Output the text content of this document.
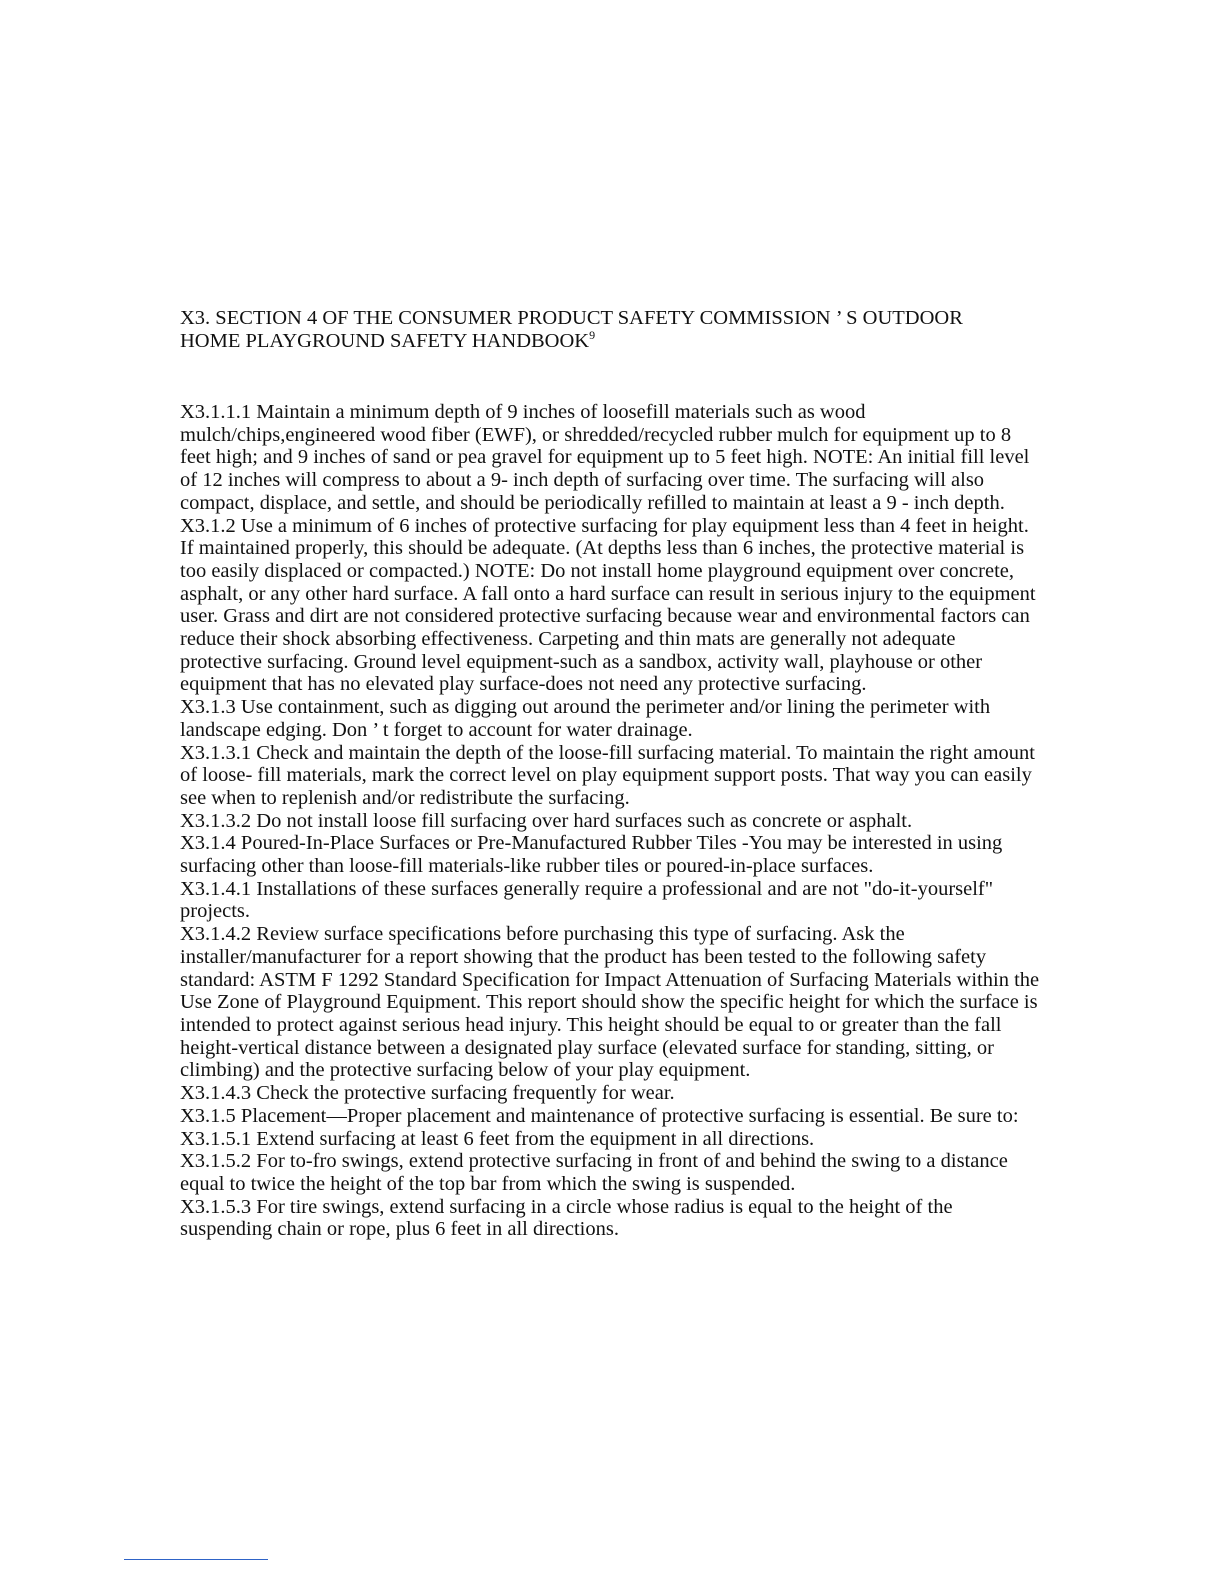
X3. SECTION 4 OF THE CONSUMER PRODUCT SAFETY COMMISSION ’ S OUTDOOR
HOME PLAYGROUND SAFETY HANDBOOK$^9$

X3.1.1.1 Maintain a minimum depth of 9 inches of loosefill materials such as wood mulch/chips,engineered wood fiber (EWF), or shredded/recycled rubber mulch for equipment up to 8 feet high; and 9 inches of sand or pea gravel for equipment up to 5 feet high. NOTE: An initial fill level of 12 inches will compress to about a 9- inch depth of surfacing over time. The surfacing will also compact, displace, and settle, and should be periodically refilled to maintain at least a 9 - inch depth.

X3.1.2 Use a minimum of 6 inches of protective surfacing for play equipment less than 4 feet in height. If maintained properly, this should be adequate. (At depths less than 6 inches, the protective material is too easily displaced or compacted.) NOTE: Do not install home playground equipment over concrete, asphalt, or any other hard surface. A fall onto a hard surface can result in serious injury to the equipment user. Grass and dirt are not considered protective surfacing because wear and environmental factors can reduce their shock absorbing effectiveness. Carpeting and thin mats are generally not adequate protective surfacing. Ground level equipment-such as a sandbox, activity wall, playhouse or other equipment that has no elevated play surface-does not need any protective surfacing.

X3.1.3 Use containment, such as digging out around the perimeter and/or lining the perimeter with landscape edging. Don ’ t forget to account for water drainage.

X3.1.3.1 Check and maintain the depth of the loose-fill surfacing material. To maintain the right amount of loose- fill materials, mark the correct level on play equipment support posts. That way you can easily see when to replenish and/or redistribute the surfacing.

X3.1.3.2 Do not install loose fill surfacing over hard surfaces such as concrete or asphalt.

X3.1.4 Poured-In-Place Surfaces or Pre-Manufactured Rubber Tiles -You may be interested in using surfacing other than loose-fill materials-like rubber tiles or poured-in-place surfaces.

X3.1.4.1 Installations of these surfaces generally require a professional and are not "do-it-yourself" projects.

X3.1.4.2 Review surface specifications before purchasing this type of surfacing. Ask the installer/manufacturer for a report showing that the product has been tested to the following safety standard: ASTM F 1292 Standard Specification for Impact Attenuation of Surfacing Materials within the Use Zone of Playground Equipment. This report should show the specific height for which the surface is intended to protect against serious head injury. This height should be equal to or greater than the fall height-vertical distance between a designated play surface (elevated surface for standing, sitting, or climbing) and the protective surfacing below of your play equipment.

X3.1.4.3 Check the protective surfacing frequently for wear.

X3.1.5 Placement—Proper placement and maintenance of protective surfacing is essential. Be sure to:

X3.1.5.1 Extend surfacing at least 6 feet from the equipment in all directions.

X3.1.5.2 For to-fro swings, extend protective surfacing in front of and behind the swing to a distance equal to twice the height of the top bar from which the swing is suspended.

X3.1.5.3 For tire swings, extend surfacing in a circle whose radius is equal to the height of the suspending chain or rope, plus 6 feet in all directions.
